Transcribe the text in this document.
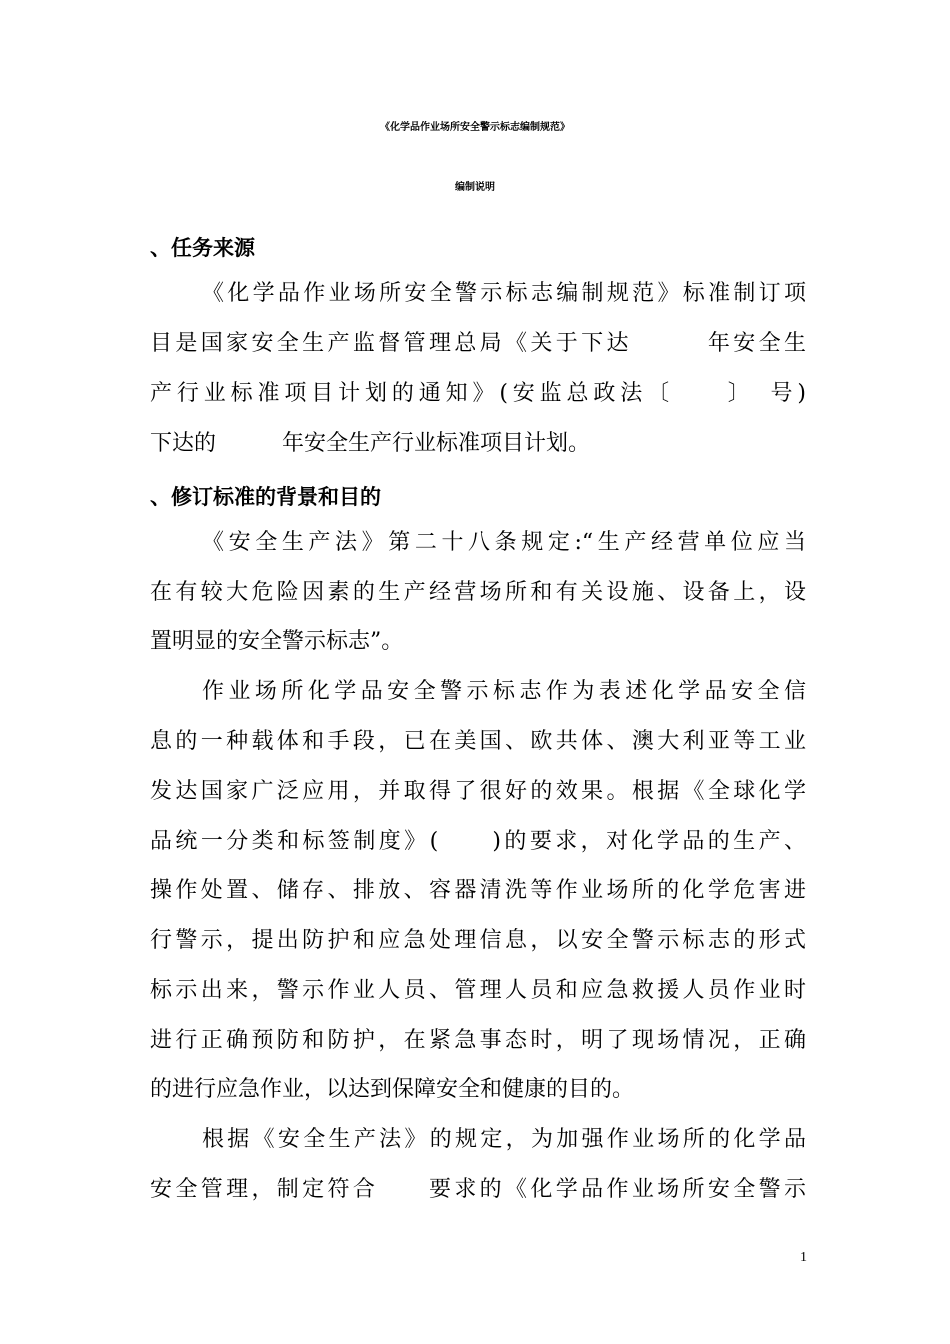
《化学品作业场所安全警示标志编制规范》
编制说明
、任务来源
《化学品作业场所安全警示标志编制规范》标准制订项
目是国家安全生产监督管理总局《关于下达　　　年安全生
产行业标准项目计划的通知》(安监总政法〔　　〕　号)
下达的　　　年安全生产行业标准项目计划。
、修订标准的背景和目的
《安全生产法》第二十八条规定:“生产经营单位应当
在有较大危险因素的生产经营场所和有关设施、设备上，设
置明显的安全警示标志”。
作业场所化学品安全警示标志作为表述化学品安全信
息的一种载体和手段，已在美国、欧共体、澳大利亚等工业
发达国家广泛应用，并取得了很好的效果。根据《全球化学
品统一分类和标签制度》(　　)的要求，对化学品的生产、
操作处置、储存、排放、容器清洗等作业场所的化学危害进
行警示，提出防护和应急处理信息，以安全警示标志的形式
标示出来，警示作业人员、管理人员和应急救援人员作业时
进行正确预防和防护，在紧急事态时，明了现场情况，正确
的进行应急作业，以达到保障安全和健康的目的。
根据《安全生产法》的规定，为加强作业场所的化学品
安全管理，制定符合　　要求的《化学品作业场所安全警示
1
